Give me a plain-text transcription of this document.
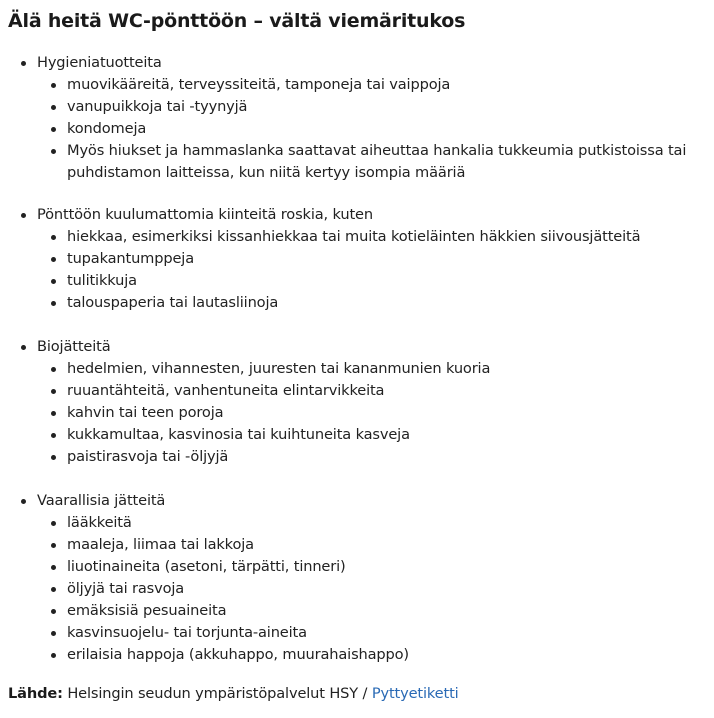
Älä heitä WC-pönttöön – vältä viemäritukos
Hygieniatuotteita
muovikääreitä, terveyssiteitä, tamponeja tai vaippoja
vanupuikkoja tai -tyynyjä
kondomeja
Myös hiukset ja hammaslanka saattavat aiheuttaa hankalia tukkeumia putkistoissa tai puhdistamon laitteissa, kun niitä kertyy isompia määriä
Pönttöön kuulumattomia kiinteitä roskia, kuten
hiekkaa, esimerkiksi kissanhiekkaa tai muita kotieläinten häkkien siivousjätteitä
tupakantumppeja
tulitikkuja
talouspaperia tai lautasliinoja
Biojätteitä
hedelmien, vihannesten, juuresten tai kananmunien kuoria
ruuantähteitä, vanhentuneita elintarvikkeita
kahvin tai teen poroja
kukkamultaa, kasvinosia tai kuihtuneita kasveja
paistirasvoja tai -öljyjä
Vaarallisia jätteitä
lääkkeitä
maaleja, liimaa tai lakkoja
liuotinaineita (asetoni, tärpätti, tinneri)
öljyjä tai rasvoja
emäksisiä pesuaineita
kasvinsuojelu- tai torjunta-aineita
erilaisia happoja (akkuhappo, muurahaishappo)
Lähde: Helsingin seudun ympäristöpalvelut HSY / Pyttyetiketti
